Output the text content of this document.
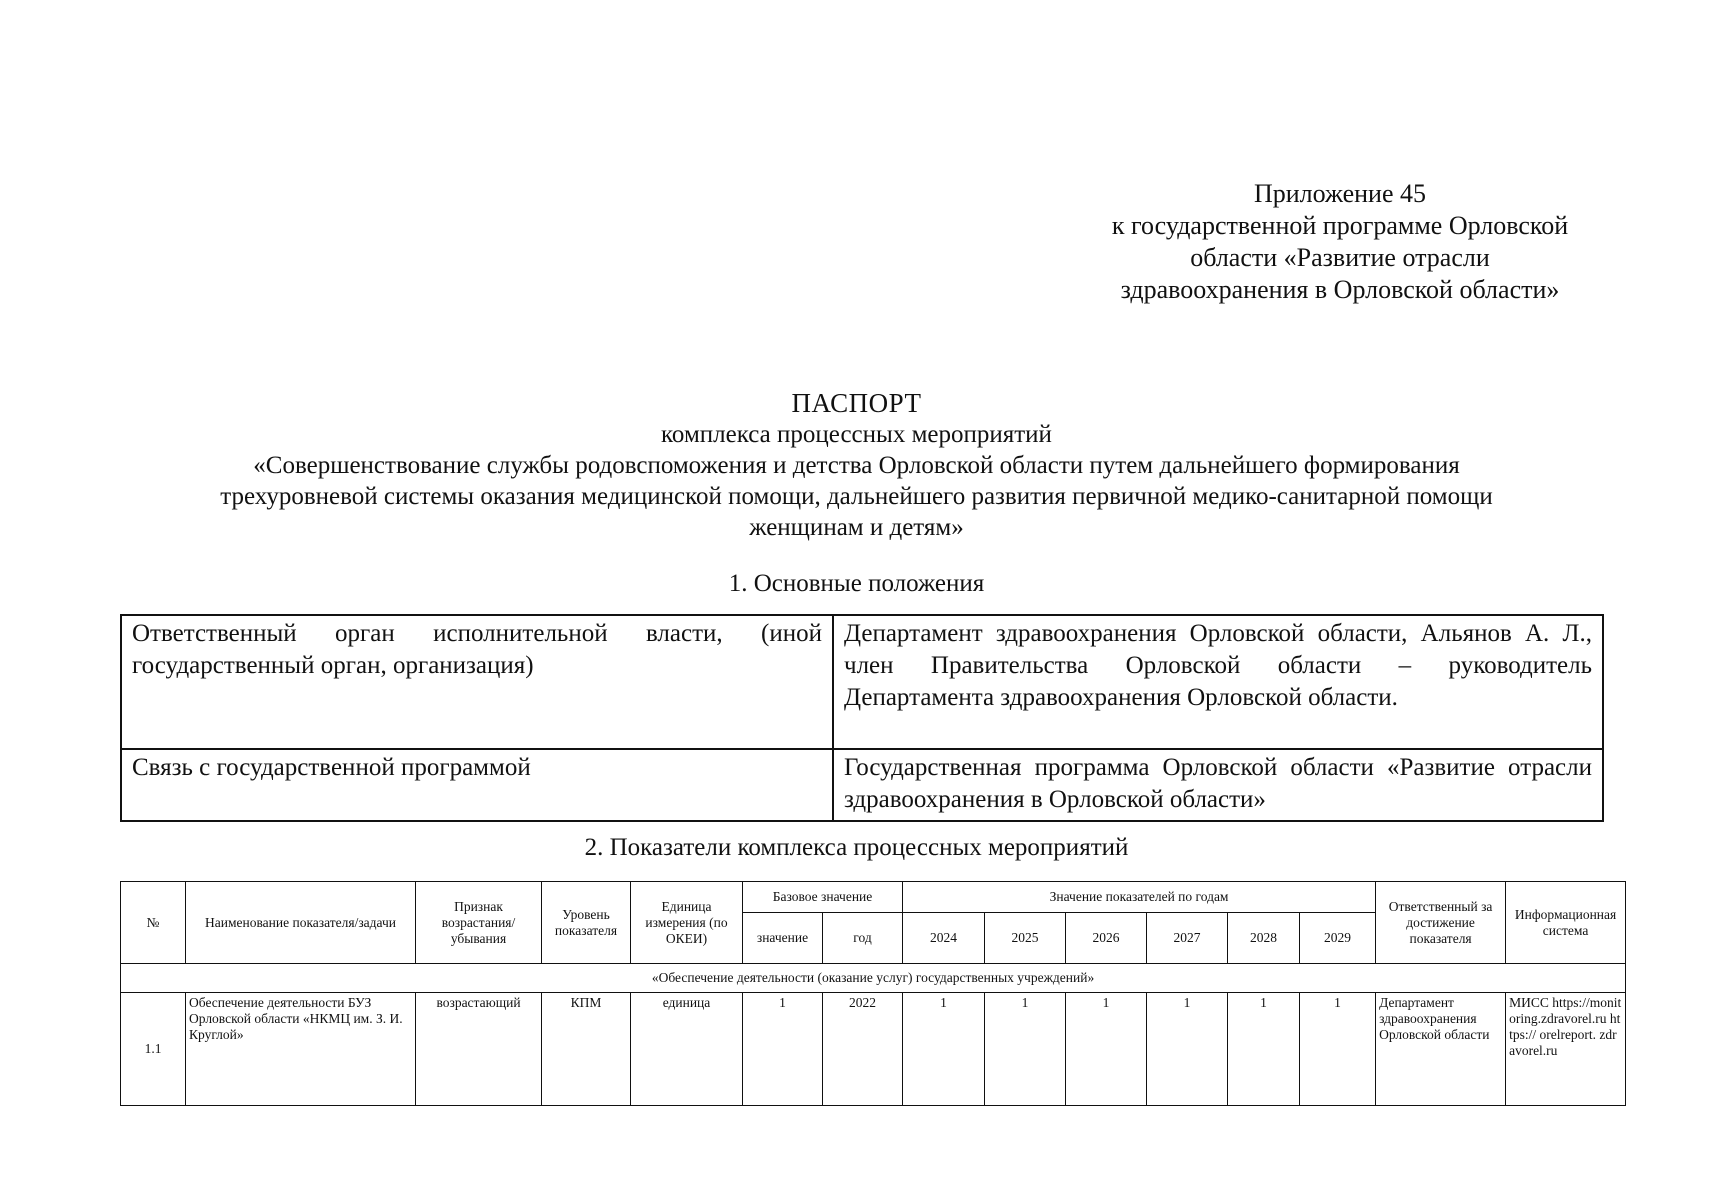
Приложение 45
к государственной программе Орловской
области «Развитие отрасли
здравоохранения в Орловской области»
ПАСПОРТ
комплекса процессных мероприятий
«Совершенствование службы родовспоможения и детства Орловской области путем дальнейшего формирования
трехуровневой системы оказания медицинской помощи, дальнейшего развития первичной медико-санитарной помощи
женщинам и детям»
1. Основные положения
Ответственный орган исполнительной власти, (иной государственный орган, организация)	Департамент здравоохранения Орловской области, Альянов А. Л., член Правительства Орловской области – руководитель Департамента здравоохранения Орловской области.
Связь с государственной программой	Государственная программа Орловской области «Развитие отрасли здравоохранения в Орловской области»
2. Показатели комплекса процессных мероприятий
№	Наименование показателя/задачи	Признак возрастания/ убывания	Уровень показателя	Единица измерения (по ОКЕИ)	Базовое значение		Значение показателей по годам						Ответственный за достижение показателя	Информационная система
					значение	год	2024	2025	2026	2027	2028	2029		
«Обеспечение деятельности (оказание услуг) государственных учреждений»														
1.1	Обеспечение деятельности БУЗ Орловской области «НКМЦ им. З. И. Круглой»	возрастающий	КПМ	единица	1	2022	1	1	1	1	1	1	Департамент здравоохранения Орловской области	МИСС https://monitoring.zdravorel.ru https:// orelreport. zdravorel.ru
